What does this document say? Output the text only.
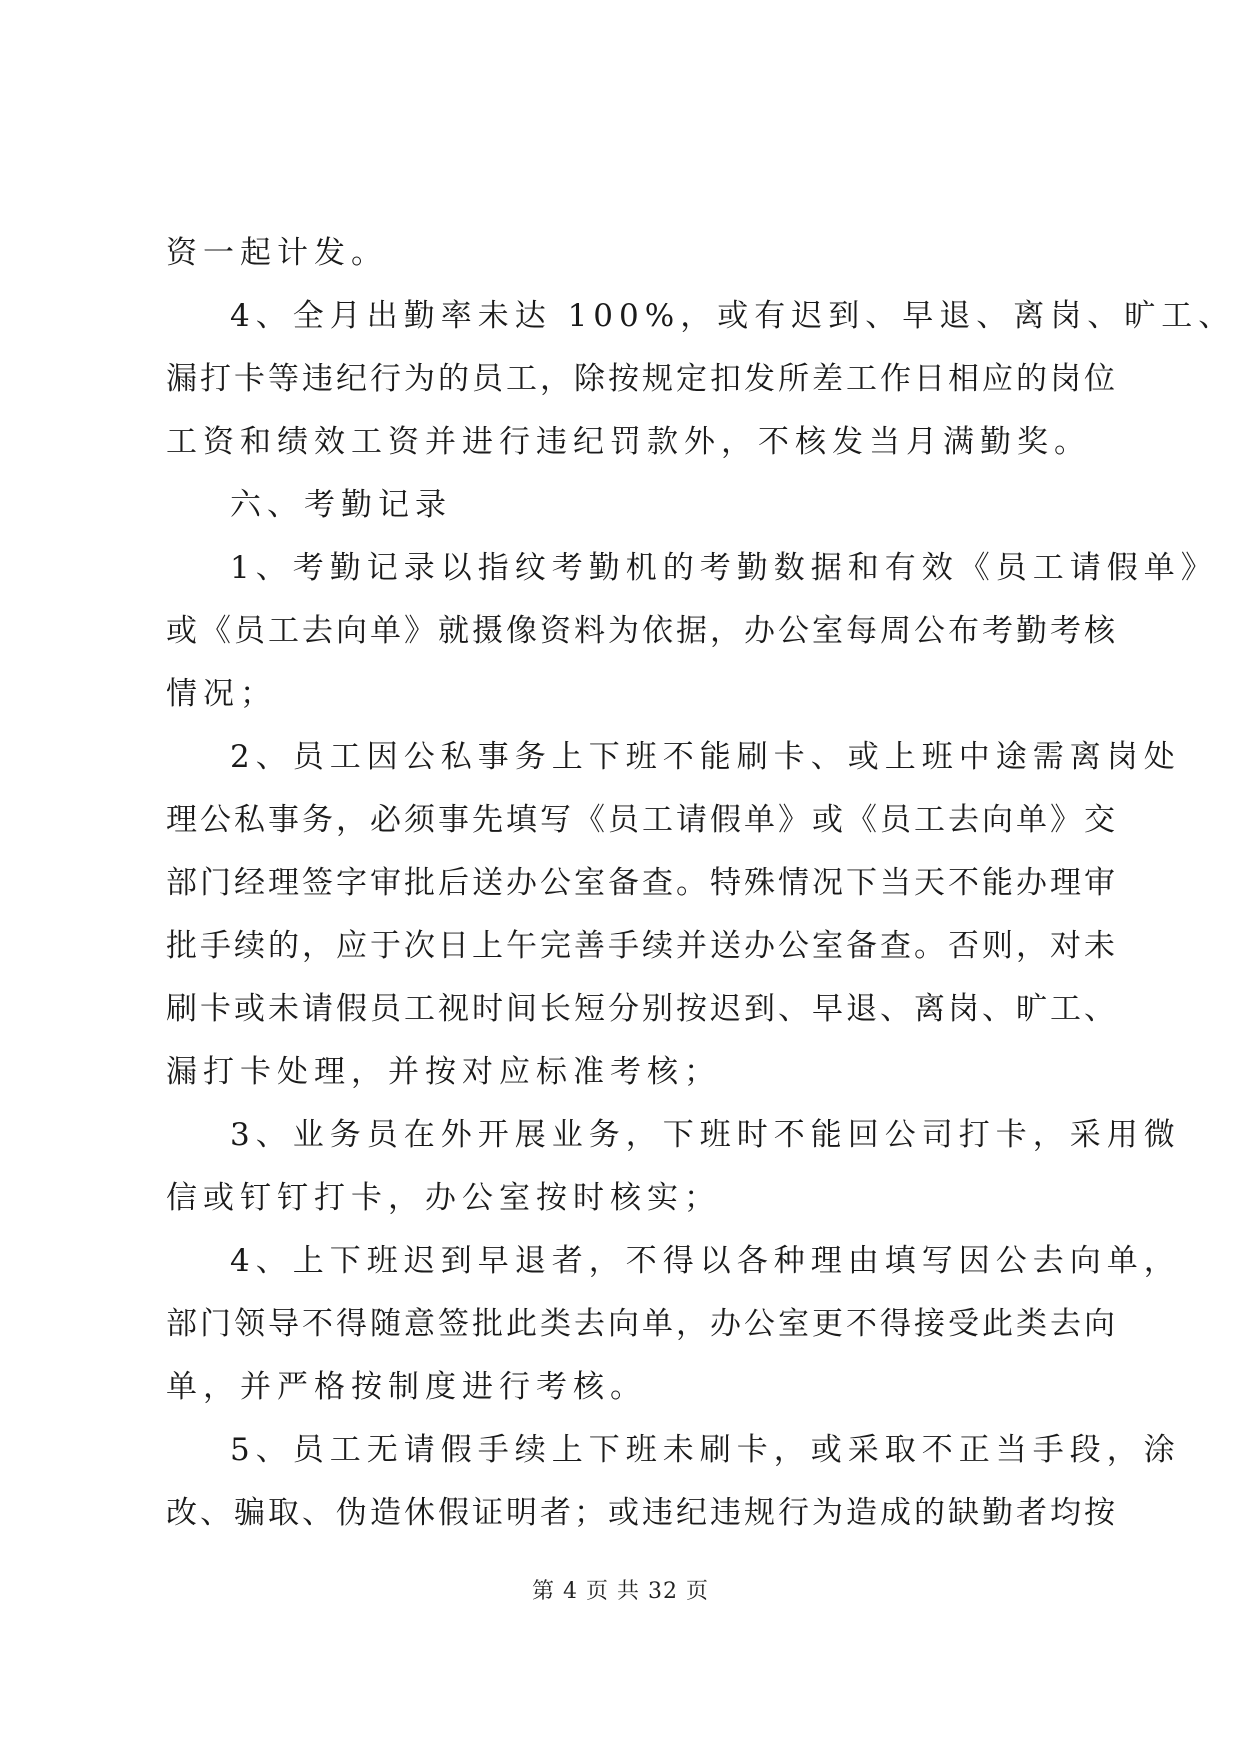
资一起计发。
4、全月出勤率未达 100%，或有迟到、早退、离岗、旷工、
漏打卡等违纪行为的员工，除按规定扣发所差工作日相应的岗位
工资和绩效工资并进行违纪罚款外，不核发当月满勤奖。
六、考勤记录
1、考勤记录以指纹考勤机的考勤数据和有效《员工请假单》
或《员工去向单》就摄像资料为依据，办公室每周公布考勤考核
情况；
2、员工因公私事务上下班不能刷卡、或上班中途需离岗处
理公私事务，必须事先填写《员工请假单》或《员工去向单》交
部门经理签字审批后送办公室备查。特殊情况下当天不能办理审
批手续的，应于次日上午完善手续并送办公室备查。否则，对未
刷卡或未请假员工视时间长短分别按迟到、早退、离岗、旷工、
漏打卡处理，并按对应标准考核；
3、业务员在外开展业务，下班时不能回公司打卡，采用微
信或钉钉打卡，办公室按时核实；
4、上下班迟到早退者，不得以各种理由填写因公去向单，
部门领导不得随意签批此类去向单，办公室更不得接受此类去向
单，并严格按制度进行考核。
5、员工无请假手续上下班未刷卡，或采取不正当手段，涂
改、骗取、伪造休假证明者；或违纪违规行为造成的缺勤者均按
第 4 页 共 32 页
